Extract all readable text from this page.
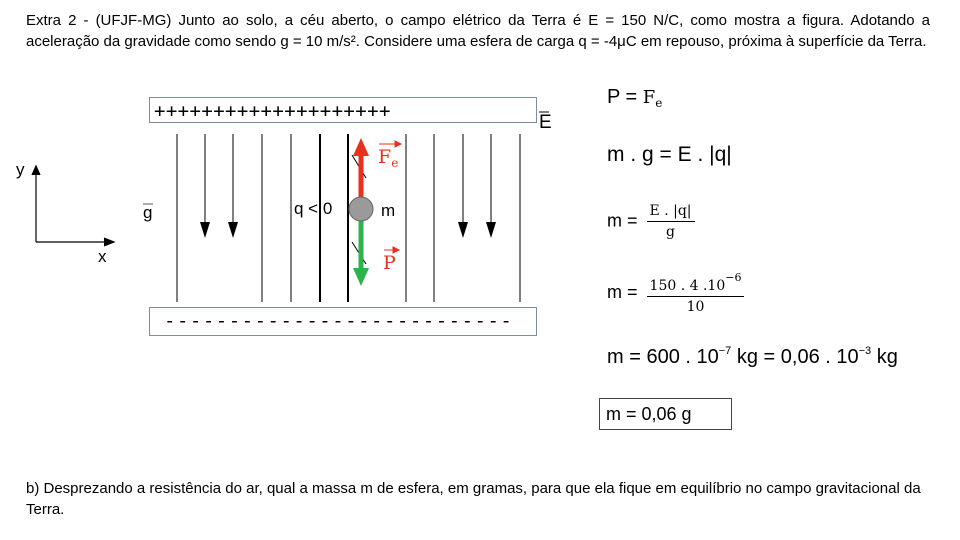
Extra 2 - (UFJF-MG) Junto ao solo, a céu aberto, o campo elétrico da Terra é E = 150 N/C, como mostra a figura. Adotando a aceleração da gravidade como sendo g = 10 m/s². Considere uma esfera de carga q = -4μC em repouso, próxima à superfície da Terra.
++++++++++++++++++++
---------------------------
y
x
g
E
$F_e$
P
q < 0	m
$P = F_e$
m . g = E . |q|
$m = \frac{E . |q|}{g}$
$m = \frac{150 . 4 .10^{-6}}{10}$
m = 600 . $10^{-7}$ kg = 0,06 . $10^{-3}$ kg
m = 0,06 g
b) Desprezando a resistência do ar, qual a massa m de esfera, em gramas, para que ela fique em equilíbrio no campo gravitacional da Terra.
